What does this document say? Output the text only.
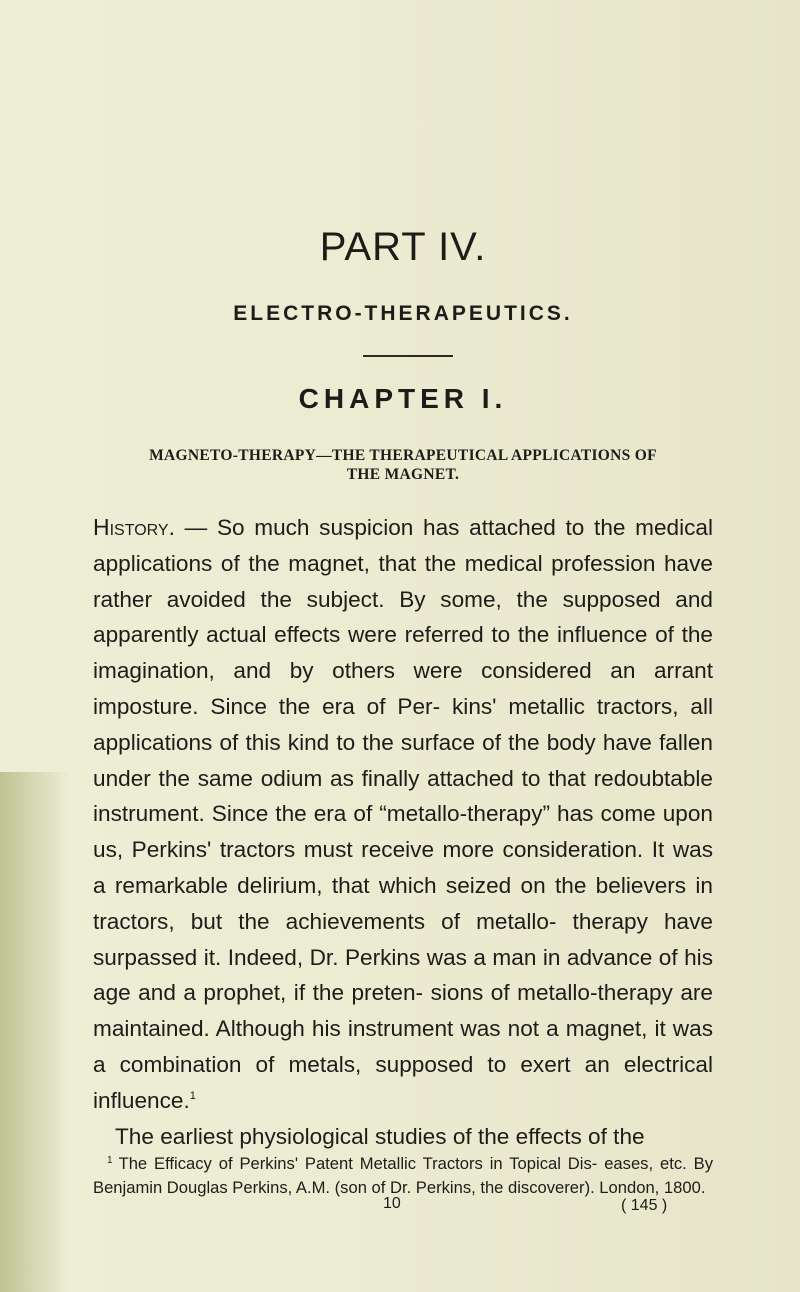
PART IV.
ELECTRO-THERAPEUTICS.
CHAPTER I.
MAGNETO-THERAPY—THE THERAPEUTICAL APPLICATIONS OF
THE MAGNET.

History. — So much suspicion has attached to the medical applications of the magnet, that the medical profession have rather avoided the subject. By some, the supposed and apparently actual effects were referred to the influence of the imagination, and by others were considered an arrant imposture. Since the era of Per- kins' metallic tractors, all applications of this kind to the surface of the body have fallen under the same odium as finally attached to that redoubtable instrument. Since the era of “metallo-therapy” has come upon us, Perkins' tractors must receive more consideration. It was a remarkable delirium, that which seized on the believers in tractors, but the achievements of metallo- therapy have surpassed it. Indeed, Dr. Perkins was a man in advance of his age and a prophet, if the preten- sions of metallo-therapy are maintained. Although his instrument was not a magnet, it was a combination of metals, supposed to exert an electrical influence.$^1$

The earliest physiological studies of the effects of the

$^1$ The Efficacy of Perkins' Patent Metallic Tractors in Topical Dis- eases, etc. By Benjamin Douglas Perkins, A.M. (son of Dr. Perkins, the discoverer). London, 1800.

10	( 145 )
